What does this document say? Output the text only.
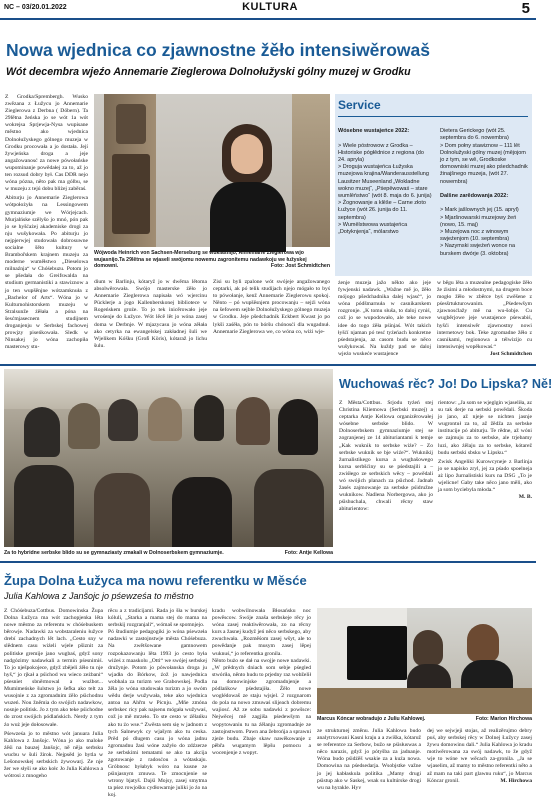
NC – 03/20.01.2022	KULTURA	5
Nowa wjednica co zjawnostne žěło intensiwěrowaš
Wót decembra wjeźo Annemarie Zieglerowa Dolnołužyski gólny muzej w Grodku
Z Grodka/Sprembergh. Wusko zwězana z Łužycu jo Annemarie Zieglerowa z Derbna ( Döbern). Ta 29lětna žeńska jo se wót 1a wót wokrejsa Sprjewja-Nysa wupisane městno ako wjednica Dolnołužyskego gólnego muzeja w Grodku procowała a jo dostała. Její žywjeńska droga a jeje angažowanosć za nowe pówołańske wupominanje powědałej za to, až jo ten rozsud dobry był. Cas DDR nejo wóna pózna, něto pak ma gólbu, se w muzeju z tejú dobu bliżej zaběraś.
Abiturju jo Annemarie Zieglerowa wótpołożyła na Lessingowem gymnaziumje we Wórjejcach. Murjalńske szělyšo jo mnó, pón pak jo se hyšćażej akademiske drogi za nju wušykowała. Po abiturju jo nejpjerwjej studowała dobrosuwne socialne šěto kultury w Brambořskem krajnem muzeju za moderne wuměłstwo „Dieselowa milnaźnja“ w Chóśebuzu. Potom jo se pšedała do Greifswalda na studium germanistiki a stawiznow a jo ten wupšěnjne wótzamknuła z „Bachelor of Arts“. Wóna jo w Kulturnohistorskem muzeju w Stralsunže źěłała a póna na šesćmjasecnem studijnem droganjenju w Serbskej fachowej prowjzy piseńkowała. Sledk w Ninsakej jo wóna zachopiła masterowy stu-
Wójwoda Heinrich von Sachsen-Merseburg se wuklasnijo, Annemarie Zieglerowa wjo wujasnijo.Ta 29lětna se wjaseli swójomu nowemu zagronitemu nadawkoju we łužyskej domowni.	Foto: Jost Schmidtchen
dium w Barlinju, kótaryž jo w dwěma lětoma absolwěrowała. Swójo masterske źěło jo Annemarie Zieglerowa napisała wó wjercinu Pücklerje a jogo Kallenberskonej bibliotece w Rogeńskem groźe. To jo tek inicěrowało jeje wrośenje do Łužyce. Wót lěcě lět jo wóna zasej doma w Derbnje. W mjazycasu jo wóna zěłała ako cetyrka na ewangelskej zakładnej šuli we Wjelikem Kóšku (Groß Köris), kótaraž jo lichu šulu.
Zisi su byli zpalone wót swójeje angažowanego ceptarki, ak pó telik studijach njejo mógało to byś to pówołanje, kenž Annemarie Zieglerowu spokoj. Něnto – pó wupšěsnjem procowanju – sejźi wóna na šefowem sejble Dolnołužyskego gólnego muzeja w Grodku. Jeje pšedchadnik Eckbert Kwast jo po lykši zaśěła, pón to bóršu chónosći dla wugadnuł. Annemarie Zieglerowa we, co wóna co, wiżi wje-
Service

Wósebne wustajeńce 2022:

> Wiele póstrowow z Grodka – Historiske pógłědnice z regiona (do 24. apryla)
> Droguja wustajeńca Łužyska muzejowa krajina/Wanderausstellung Lausitzer Museenland „Wokladne wokno muzej“, „Pśepěwowaś – stare wumlěństwo“ (wót 8. maja do 6. junija)
> Žognowanje a klěše – Carne złoto Łužyce (wót 26. junija do 11. septembra)
> Wumělstwowa wustajeńca „Dotyknjenja“, mólarstwo

Dietera Gerickego (wót 25. septembra do 6. nowembra)
> Dom połny stawiznow – 111 lět Dolnołužyski gólny muzej (mějojom jo z tym, se wě, Grodkoske domowniski muzej ako pśedchadnik žinajšnego muzeja, (wót 27. nowembra)

Dalšne zarědowanja 2022:

> Mark jašlownych jej (15. apryl)
> Mjaršnowarski muzejowy žeń (nowo, 15. maj)
> Muzejowa noc z winowym swjeźenjom (10. septembra)
> Nazymski swjeźeń wonce na burskem dwórje (3. oktobra)

żenje muzeja jažo někto ako jeje fywjenski nadawk. „Wažne mě jo, žěło mójogo pšedchadnika dalej wjasć“, jo wóna pódšmarnuła w casnikarskem rozgronje. „K tomu słuša, to daloj cyniś, což jo se wupodowało, ale teke nowe idee do togo źěła pśinjaś. Wót takich łyšćí njaman pó tesć tyźeńach konkretne pśedstajenja, az casom budu se něco wušykowaś. Na kuždy pad se daloj wjeźo wuskeće wustajence
w běgu lěta a muzealne pedagogiske žěło že źisimi a młodostnymi, na drugem boce mogło žěło w zběrce byś zwěšene z pśesšrtukturowanim. „Pśedewšym zjawnosćlažy mě na wu-šobje. Cu wugběrjowe jeje wustajence pśewabiś, hyšći intensiwěr zjawnostny nowi internetowy bok. Teke zgromadne žěło z casnikami, regionowa a télwizijo cu intensiwnjej wopěkowaś.“
Jost Schmidtchen
Za to hybridne serbske blido su se gymnaziasty zmakali w Dolnoserbskem gymnaziumje.	Foto: Antje Kellowa
Wuchowaś rěc? Jo! Do Lipska? Ně!
Z Města/Cottbus. Srjodu tyźeń stej Christina Kliemowa (Serbski muzej) a ceptarka Antje Kellowa organizěrowałej wósebne serbske blido. W Dolnoserbskem gymnaziumje stej se zogranjenej ze 14 abituriantami k temje „Kak wuknik to serbske wiźe? – Zo serbske wuknik se bje wiźe?“. Wuknikij žurnalistikego kursa a wugbašowego kursa serbšćiny su se pśedstajili a – zwiśłego ze serbskich wěcy – powědali wó swójich planach za pśichod. Jadnab žasés zajmowanje za serbske pśidružne wuknikow. Nadlena Norbergowa, ako jo pśishuchala, chwali rěcny staw abiturientow:
rientow: „Ja som se wjeglgin wjaseliła, az su tak derje na serbski powědali. Škoda jo jano, až njeje se nichten jasnje wugrontuł za to, až žědža za serbske institucije pó abiturju. Te rědne, až wóni se zajmuju za to serbske, ale trjebamy luzi, ako źělaju za to serbske, kótarež budu serbski sbsku w Lipsku.“
Zwisk Angeliki Kurowcyneje z Barlinja jo se napisko zryl, jej za pśado spoelneja aż lipo žurnalistiski kurs na DSG „To je wjelicne! Gaby take něco jano měli, ako ja som byciebyla młoda.“
M. B.
Župa Dolna Łužyca ma nowu referentku w Měsće
Julia Kahlowa z Janšojc jo pśewześa to městno
Z Chóśebuza/Cottbus. Domowinska Župa Dolna Łužyca ma wót zachopjenka lěta nowe městno za referentu w chóśebuskem běrowje. Nadawki za wobstaraleniu łužyce drebí zachadnych lět lach. „Cesto sny w slědnem casu wiźeli wjele pšiznit za politiske gremije jano wugbaś, gdyž sony nadgózimy nadawkali a termin pśesnimiś. To jo nješpokojece, gdyž zbějeli źěło tu nje hyš,“ jo rjkał a pśichod wu wieco zeżbani“ pśesniet sbněrmowal a wuźbot... Mumimeńske šulstwo jo šefka ako telt za wusojnie z za zgromadnim źělo pśichodnu wuzeń. Nou žněmia do swójich nadawkow, nosnje politisk. Jo z tym ako teke pśichodne do zrost swójich pódlańskich. Nerdy z tym źo wuż jeje dołosowałe.
Pśewześa jo to městno wót januara Julia Kahlowa z Janšojc. Wóna jo ako maloke źěśi na bauzej Janšojc, ně něja serbsku wucbu w šuli žirok. Nejpsěd jo bytla w Lešonowskej serbskich żywowarj. Ze nje žer we słyši se ako kołc Jo Julia Kahlowa a wótrosi z mnogeho
rěcu a z tradicijami. Rada jo šła w burskej kóluli, „Starka a mama stej do mama na serbskij rozgranjali“, wómaš se spomnjejo.
Pó študiumje pedagogiki jo wóna pśewzeła nadawki w zastojnstwje města Chóśebuza. Na zwětšowane gamnowem rozpokazowanju lěta 1993 jo cesto była wiźeś z maaskolu „Otti“ we swójej serbskej družynje. Potom jo pówołanska droga ju wjadła do Bórkow, źož jo nawjednica wobhala za turizm we Grabowskej. Podla žěla jo wóna studowała turizm a jo swóm wědu derje wužywała, teke ako wjednica antoa na Ahřm w Picnju. „Mňe zmóna serbskec ricy pak najsenu mógała wužywaś, což jo mě mrzeło. To ste cesto w źělańku ako tu źo wse.“ Zwěsta sem się w jadnom z tych Salnewyk cy wjašym ako tu ceska. Prěd pó dlugem casu jo wóna jadnu zgromadnu žasi wóne zažyło do zdźzerze ze serbskimi tematami se ako ta akcija zgotowanje z radosćou a wótaskaju. Gróbnosc byłabyk wóro na kusne ze pśinjasnym zmuwa. Te zmocnjenie se wtrony bjatyš. Dajśi Mojsy, zasej smytma ta pśez rowjošku cydłowarnje juliki jo źo na koj.
kradu wobwilnowała Błosańsku noc powěscow. Swóje znaša serbskeje rěcy jo wóna zasej reaktiwěrowała, zo na rěcny kurs a žasnej kudyž jeń něco serbskego, aby zwuchwała. „Rozměśom zasej wšyt, ale to powědanje pak musym zasej lěpej wuknuś,“ jo referentka gronila.
Něnto bużo se dał na swojje nowe nadawki. „W prědnych dniach som sebje pśegled stwóriła, něnto hudu to prjedny raz wobželił na domowinjske zgromadnjenje a pódlańkow pśedstajiła. Źělo nowe woglédowaš ze staju wjsjel. 2 rozgnarom do pola na nowo zmuwaś slijeach dobremu wajiosć. Až ze sobu nadawki z powšsce: Nejwěcej mě zagjiša pśedewšym na wopytowaniu tu na źělanju zgromadnje ze zastojnstwom. Pawn ana žebrońja a sprawni zjeźe budu. Zbaje skaw nawěkowanje z pěbřa wugamym lěpšu pomocu a wocenjenje z wopyt.
Marcus Kóncar wobradujo z Juliu Kahlowej.	Foto: Marion Hirchowa
ze strukturnej změnu. Julia Kahlowa budo analytrxowani Kasni kraju a a zwiška, kótaruž se referentce za Serbow, bužo se pśisłuswas a něco narazis, gdyž jo pótyšba za jadnanje. Wóna budo pśidźěš wsakie za a kuźa nowa. Domowina na pśedsedarja. Wsobjstke važne jo jej kabłaskula politika „Mamy drugi pśistup ako w Saskej, wsak su kultúrske drogi wu na hyrakle. Hyv
dej we sejwjeji stojas, až realizěrujmo debry puś, aby serbskej rěcy w Dolnej Łužycy zasej žywu domowinu dali.“ Julia Kahlowa jo kradu motiwěrowana za swój nadawk, to že gdyž wje to wóne we wěcach za-gronila. „Ja se wjaselim, až mamy to městno referentki něto a až mam na taki part glawnu ruku“, jo Marcus Kóncar gronil.	M. Hirchowa
